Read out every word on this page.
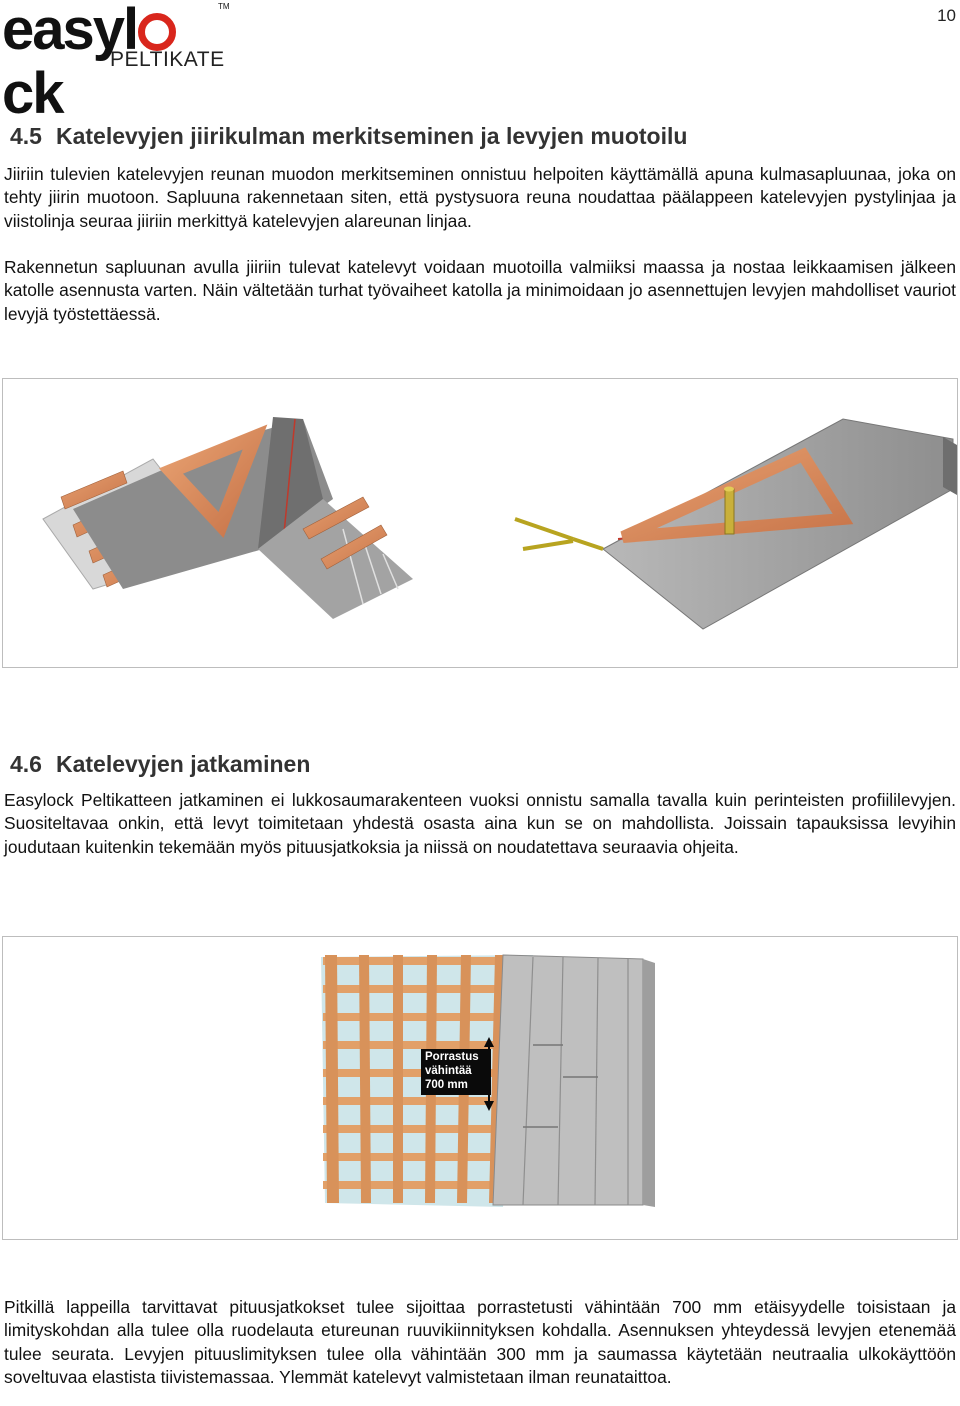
easylck
TM
PELTIKATE
10
4.5 Katelevyjen jiirikulman merkitseminen ja levyjen muotoilu

Jiiriin tulevien katelevyjen reunan muodon merkitseminen onnistuu helpoiten käyttämällä apuna kulmasapluunaa, joka on tehty jiirin muotoon. Sapluuna rakennetaan siten, että pystysuora reuna noudattaa päälappeen katelevyjen pystylinjaa ja viistolinja seuraa jiiriin merkittyä katelevyjen alareunan linjaa.

Rakennetun sapluunan avulla jiiriin tulevat katelevyt voidaan muotoilla valmiiksi maassa ja nostaa leikkaamisen jälkeen katolle asennusta varten. Näin vältetään turhat työvaiheet katolla ja minimoidaan jo asennettujen levyjen mahdolliset vauriot levyjä työstettäessä.

4.6 Katelevyjen jatkaminen

Easylock Peltikatteen jatkaminen ei lukkosaumarakenteen vuoksi onnistu samalla tavalla kuin perinteisten profiililevyjen. Suositeltavaa onkin, että levyt toimitetaan yhdestä osasta aina kun se on mahdollista. Joissain tapauksissa levyihin joudutaan kuitenkin tekemään myös pituusjatkoksia ja niissä on noudatettava seuraavia ohjeita.

Porrastus
vähintää
700 mm

Pitkillä lappeilla tarvittavat pituusjatkokset tulee sijoittaa porrastetusti vähintään 700 mm etäisyydelle toisistaan ja limityskohdan alla tulee olla ruodelauta etureunan ruuvikiinnityksen kohdalla. Asennuksen yhteydessä levyjen etenemää tulee seurata. Levyjen pituuslimityksen tulee olla vähintään 300 mm ja saumassa käytetään neutraalia ulkokäyttöön soveltuvaa elastista tiivistemassaa. Ylemmät katelevyt valmistetaan ilman reunataittoa.
